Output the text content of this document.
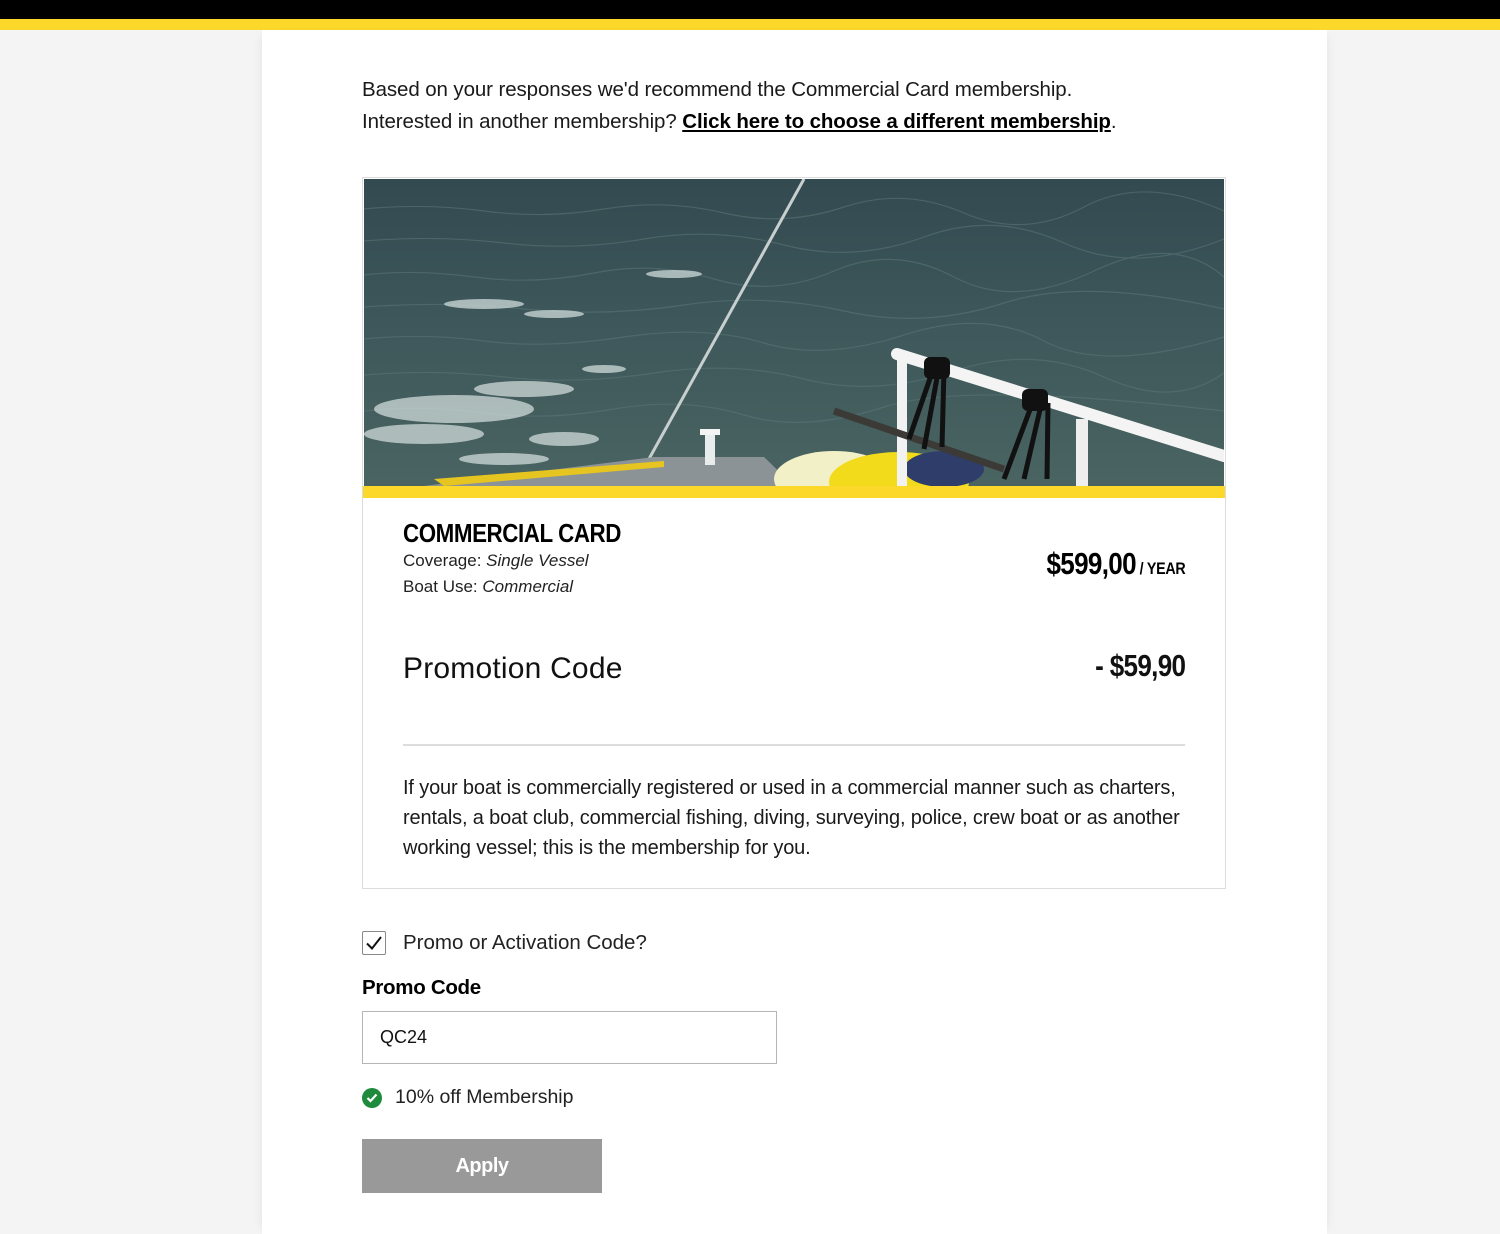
Based on your responses we'd recommend the Commercial Card membership.
Interested in another membership? Click here to choose a different membership.
COMMERCIAL CARD
Coverage: Single Vessel
Boat Use: Commercial
$599,00 / YEAR
Promotion Code	- $59,90

If your boat is commercially registered or used in a commercial manner such as charters, rentals, a boat club, commercial fishing, diving, surveying, police, crew boat or as another working vessel; this is the membership for you.

Promo or Activation Code?
Promo Code
QC24
10% off Membership
Apply
